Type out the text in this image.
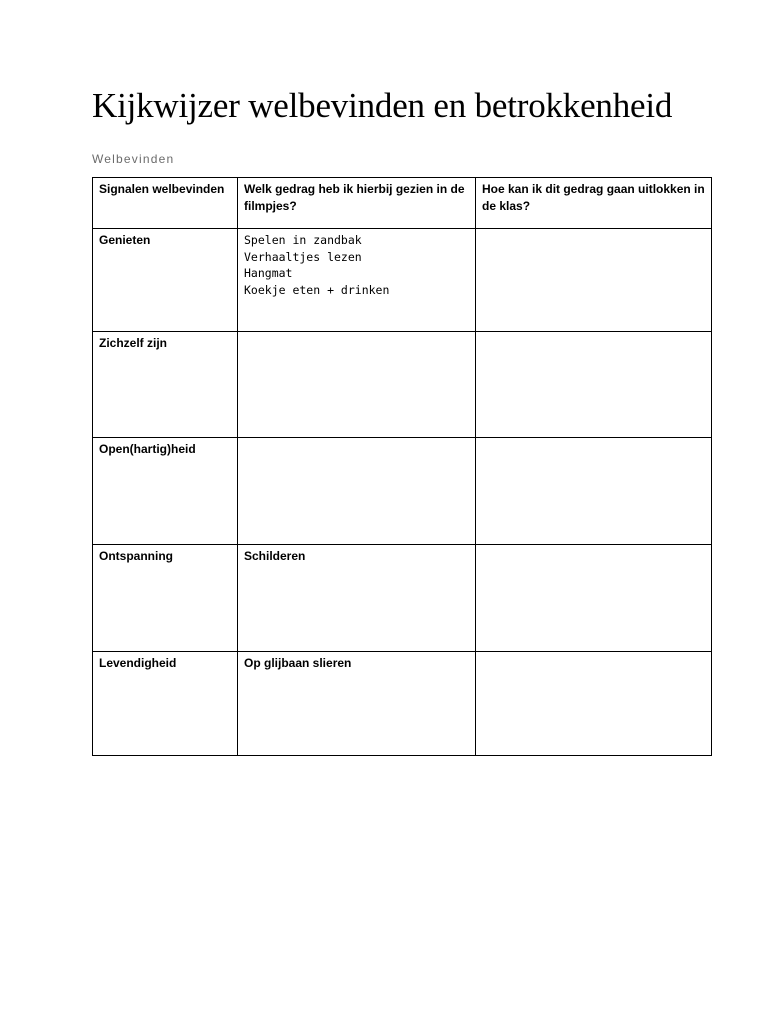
Kijkwijzer welbevinden en betrokkenheid
Welbevinden
Signalen welbevinden	Welk gedrag heb ik hierbij gezien in de filmpjes?	Hoe kan ik dit gedrag gaan uitlokken in de klas?
Genieten	Spelen in zandbak
Verhaaltjes lezen
Hangmat
Koekje eten + drinken	

Zichzelf zijn		
Open(hartig)heid		
Ontspanning	Schilderen	

Levendigheid	Op glijbaan slieren	
